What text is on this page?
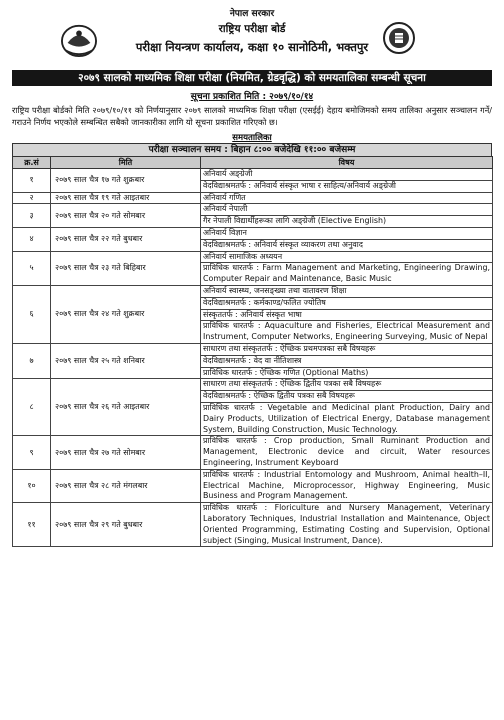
नेपाल सरकार
राष्ट्रिय परीक्षा बोर्ड
परीक्षा नियन्त्रण कार्यालय, कक्षा १० सानोठिमी, भक्तपुर
२०७९ सालको माध्यमिक शिक्षा परीक्षा (नियमित, ग्रेडवृद्धि) को समयतालिका सम्बन्धी सूचना
सूचना प्रकाशित मिति : २०७९/१०/१४
राष्ट्रिय परीक्षा बोर्डको मिति २०७९/१०/११ को निर्णयानुसार २०७९ सालको माध्यमिक शिक्षा परीक्षा (एसईई) देहाय बमोजिमको समय तालिका अनुसार सञ्चालन गर्ने/गराउने निर्णय भएकोले सम्बन्धित सबैको जानकारीका लागि यो सूचना प्रकाशित गरिएको छ।
समयतालिका
परीक्षा सञ्चालन समय : बिहान ८:०० बजेदेखि ११:०० बजेसम्म
क्र.सं	मिति	विषय
१	२०७९ साल चैत्र १७ गते शुक्रबार	अनिवार्य अङ्ग्रेजी
वेदविद्याश्रमतर्फ : अनिवार्य संस्कृत भाषा र साहित्य/अनिवार्य अङ्ग्रेजी

२	२०७९ साल चैत्र १९ गते आइतबार	अनिवार्य गणित

३	२०७९ साल चैत्र २० गते सोमबार	अनिवार्य नेपाली
गैर नेपाली विद्यार्थीहरूका लागि अङ्ग्रेजी (Elective English)

४	२०७९ साल चैत्र २२ गते बुधबार	अनिवार्य विज्ञान
वेदविद्याश्रमतर्फ : अनिवार्य संस्कृत व्याकरण तथा अनुवाद

५	२०७९ साल चैत्र २३ गते बिहिबार	अनिवार्य सामाजिक अध्ययन
प्राविधिक धारतर्फ : Farm Management and Marketing, Engineering Drawing, Computer Repair and Maintenance, Basic Music

६	२०७९ साल चैत्र २४ गते शुक्रबार	अनिवार्य स्वास्थ्य, जनसङ्ख्या तथा वातावरण शिक्षा
वेदविद्याश्रमतर्फ : कर्मकाण्ड/फलित ज्योतिष
संस्कृततर्फ : अनिवार्य संस्कृत भाषा
प्राविधिक धारतर्फ : Aquaculture and Fisheries, Electrical Measurement and Instrument, Computer Networks, Engineering Surveying, Music of Nepal

७	२०७९ साल चैत्र २५ गते शनिबार	साधारण तथा संस्कृततर्फ : ऐच्छिक प्रथमपत्रका सबै विषयहरू
वेदविद्याश्रमतर्फ : वेद वा नीतिशास्त्र
प्राविधिक धारतर्फ : ऐच्छिक गणित (Optional Maths)

८	२०७९ साल चैत्र २६ गते आइतबार	साधारण तथा संस्कृततर्फ : ऐच्छिक द्वितीय पत्रका सबै विषयहरू
वेदविद्याश्रमतर्फ : ऐच्छिक द्वितीय पत्रका सबै विषयहरू
प्राविधिक धारतर्फ : Vegetable and Medicinal plant Production, Dairy and Dairy Products, Utilization of Electrical Energy, Database management System, Building Construction, Music Technology.

९	२०७९ साल चैत्र २७ गते सोमबार	प्राविधिक धारतर्फ : Crop production, Small Ruminant Production and Management, Electronic device and circuit, Water resources Engineering, Instrument Keyboard

१०	२०७९ साल चैत्र २८ गते मंगलबार	प्राविधिक धारतर्फ : Industrial Entomology and Mushroom, Animal health–II, Electrical Machine, Microprocessor, Highway Engineering, Music Business and Program Management.

११	२०७९ साल चैत्र २९ गते बुधबार	प्राविधिक धारतर्फ : Floriculture and Nursery Management, Veterinary Laboratory Techniques, Industrial Installation and Maintenance, Object Oriented Programming, Estimating Costing and Supervision, Optional subject (Singing, Musical Instrument, Dance).
